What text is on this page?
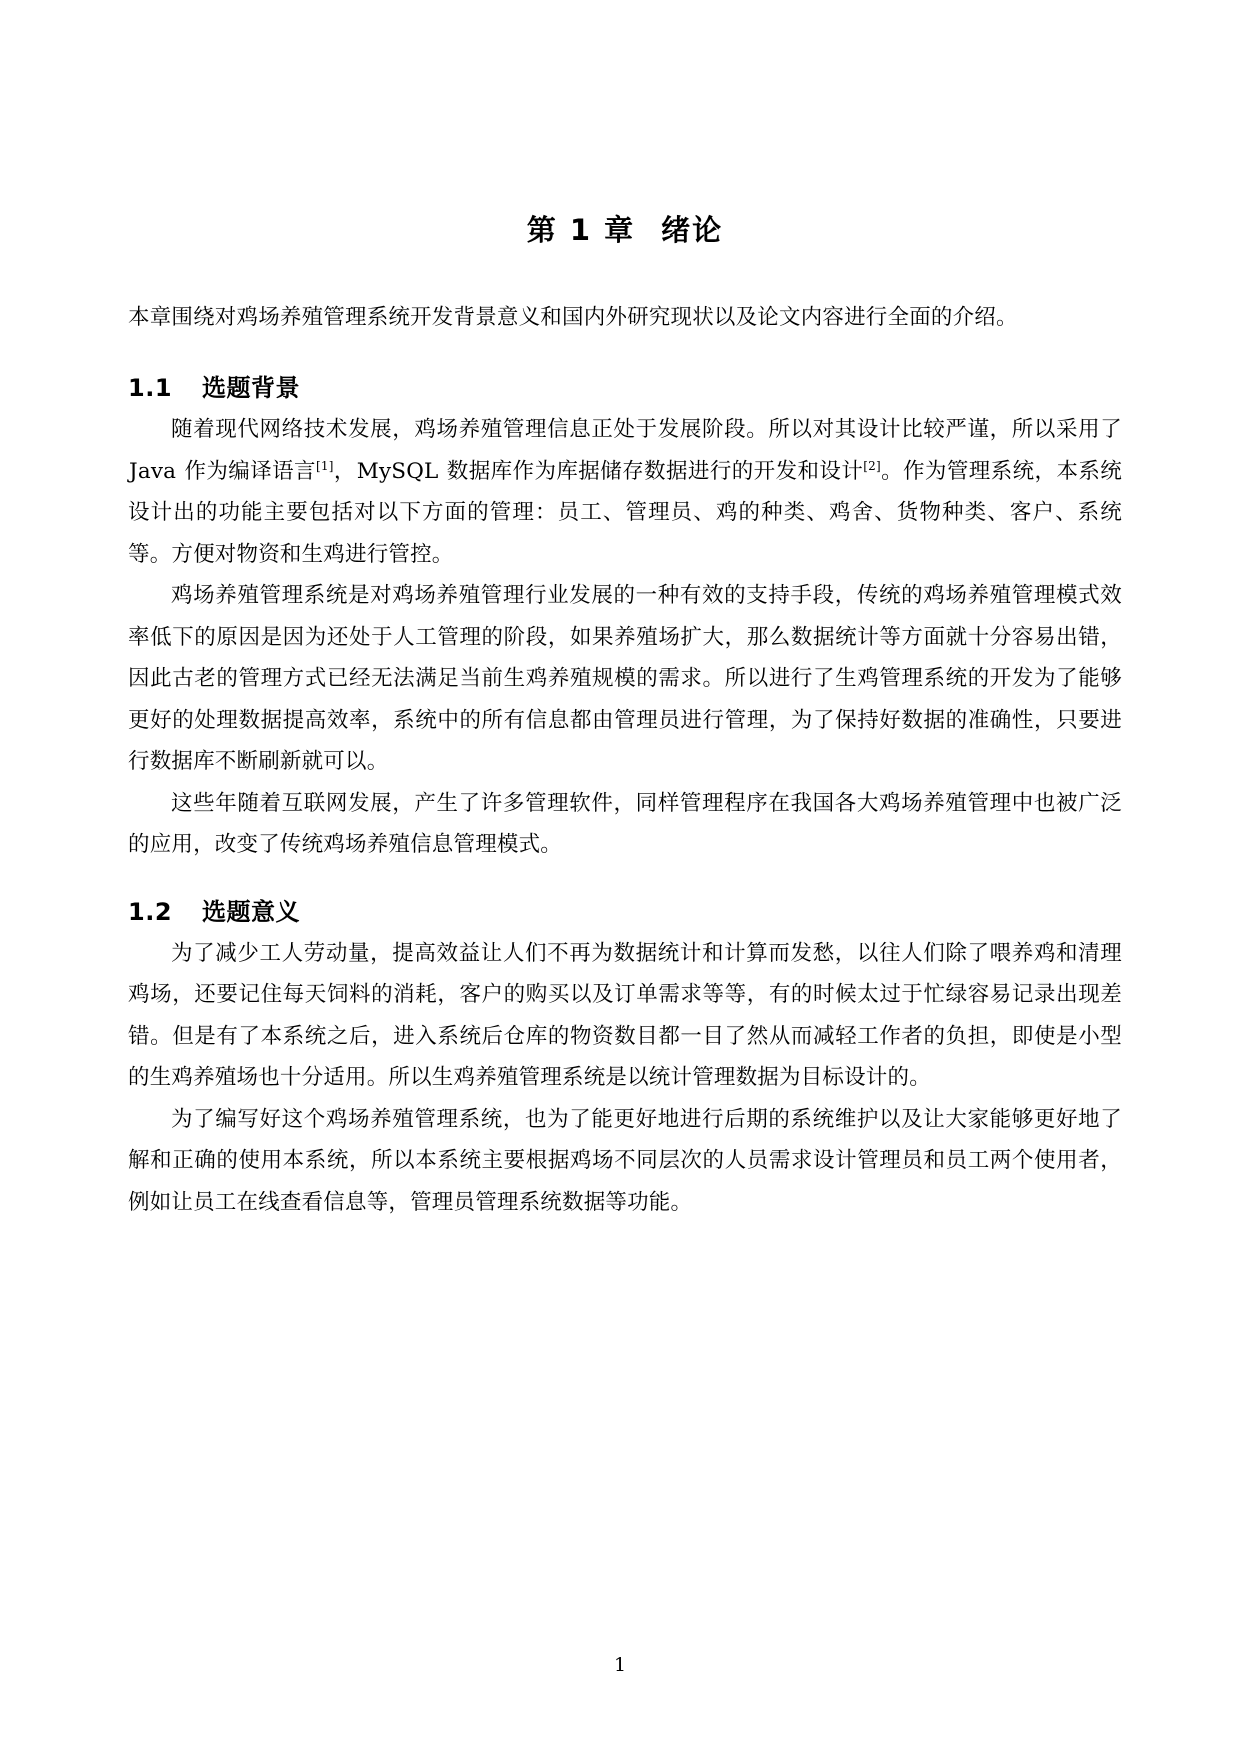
第 1 章 绪论

本章围绕对鸡场养殖管理系统开发背景意义和国内外研究现状以及论文内容进行全面的介绍。

1.1 选题背景

随着现代网络技术发展，鸡场养殖管理信息正处于发展阶段。所以对其设计比较严谨，所以采用了 Java 作为编译语言[1]，MySQL 数据库作为库据储存数据进行的开发和设计[2]。作为管理系统，本系统设计出的功能主要包括对以下方面的管理：员工、管理员、鸡的种类、鸡舍、货物种类、客户、系统等。方便对物资和生鸡进行管控。

鸡场养殖管理系统是对鸡场养殖管理行业发展的一种有效的支持手段，传统的鸡场养殖管理模式效率低下的原因是因为还处于人工管理的阶段，如果养殖场扩大，那么数据统计等方面就十分容易出错，因此古老的管理方式已经无法满足当前生鸡养殖规模的需求。所以进行了生鸡管理系统的开发为了能够更好的处理数据提高效率，系统中的所有信息都由管理员进行管理，为了保持好数据的准确性，只要进行数据库不断刷新就可以。

这些年随着互联网发展，产生了许多管理软件，同样管理程序在我国各大鸡场养殖管理中也被广泛的应用，改变了传统鸡场养殖信息管理模式。

1.2 选题意义

为了减少工人劳动量，提高效益让人们不再为数据统计和计算而发愁，以往人们除了喂养鸡和清理鸡场，还要记住每天饲料的消耗，客户的购买以及订单需求等等，有的时候太过于忙绿容易记录出现差错。但是有了本系统之后，进入系统后仓库的物资数目都一目了然从而减轻工作者的负担，即使是小型的生鸡养殖场也十分适用。所以生鸡养殖管理系统是以统计管理数据为目标设计的。

为了编写好这个鸡场养殖管理系统，也为了能更好地进行后期的系统维护以及让大家能够更好地了解和正确的使用本系统，所以本系统主要根据鸡场不同层次的人员需求设计管理员和员工两个使用者，例如让员工在线查看信息等，管理员管理系统数据等功能。

1
